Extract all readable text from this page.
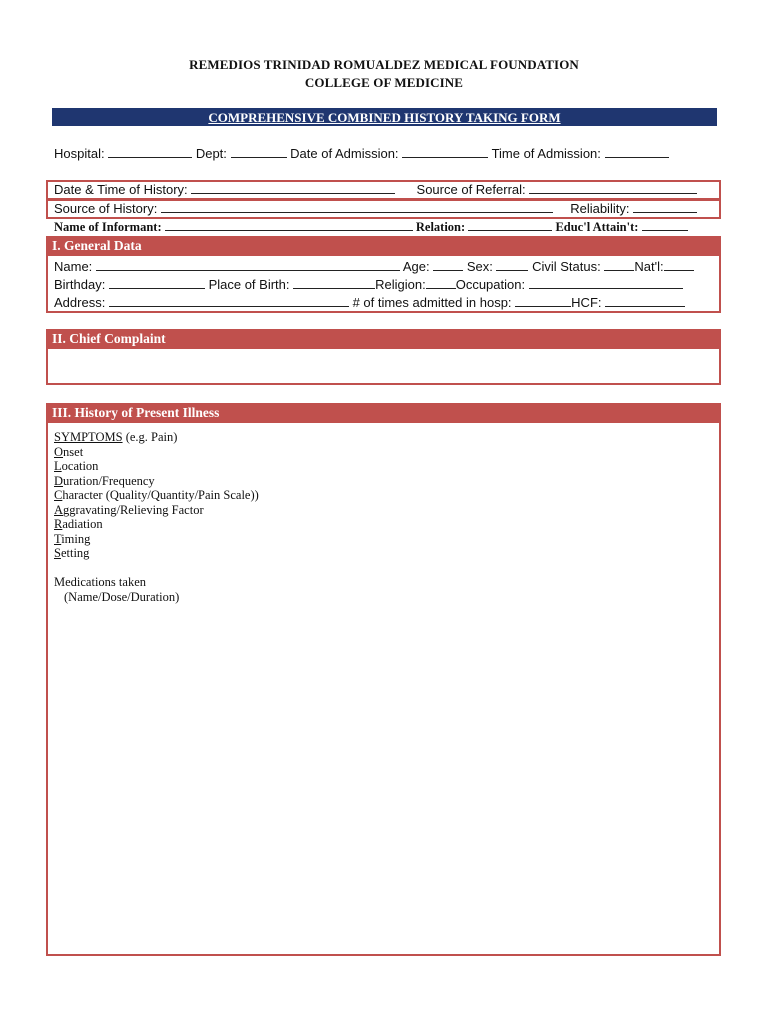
REMEDIOS TRINIDAD ROMUALDEZ MEDICAL FOUNDATION
COLLEGE OF MEDICINE
COMPREHENSIVE COMBINED HISTORY TAKING FORM
Hospital:	Dept:	Date of Admission:	Time of Admission:
Date & Time of History:	Source of Referral:
Source of History:	Reliability:
Name of Informant:	Relation:	Educ'l Attain't:
I. General Data
Name:	Age:	Sex:	Civil Status:	Nat'l:
Birthday:	Place of Birth:	Religion: Occupation:
Address:	# of times admitted in hosp:	HCF:
II. Chief Complaint
III. History of Present Illness
SYMPTOMS (e.g. Pain)
Onset
Location
Duration/Frequency
Character (Quality/Quantity/Pain Scale))
Aggravating/Relieving Factor
Radiation
Timing
Setting
Medications taken
(Name/Dose/Duration)
